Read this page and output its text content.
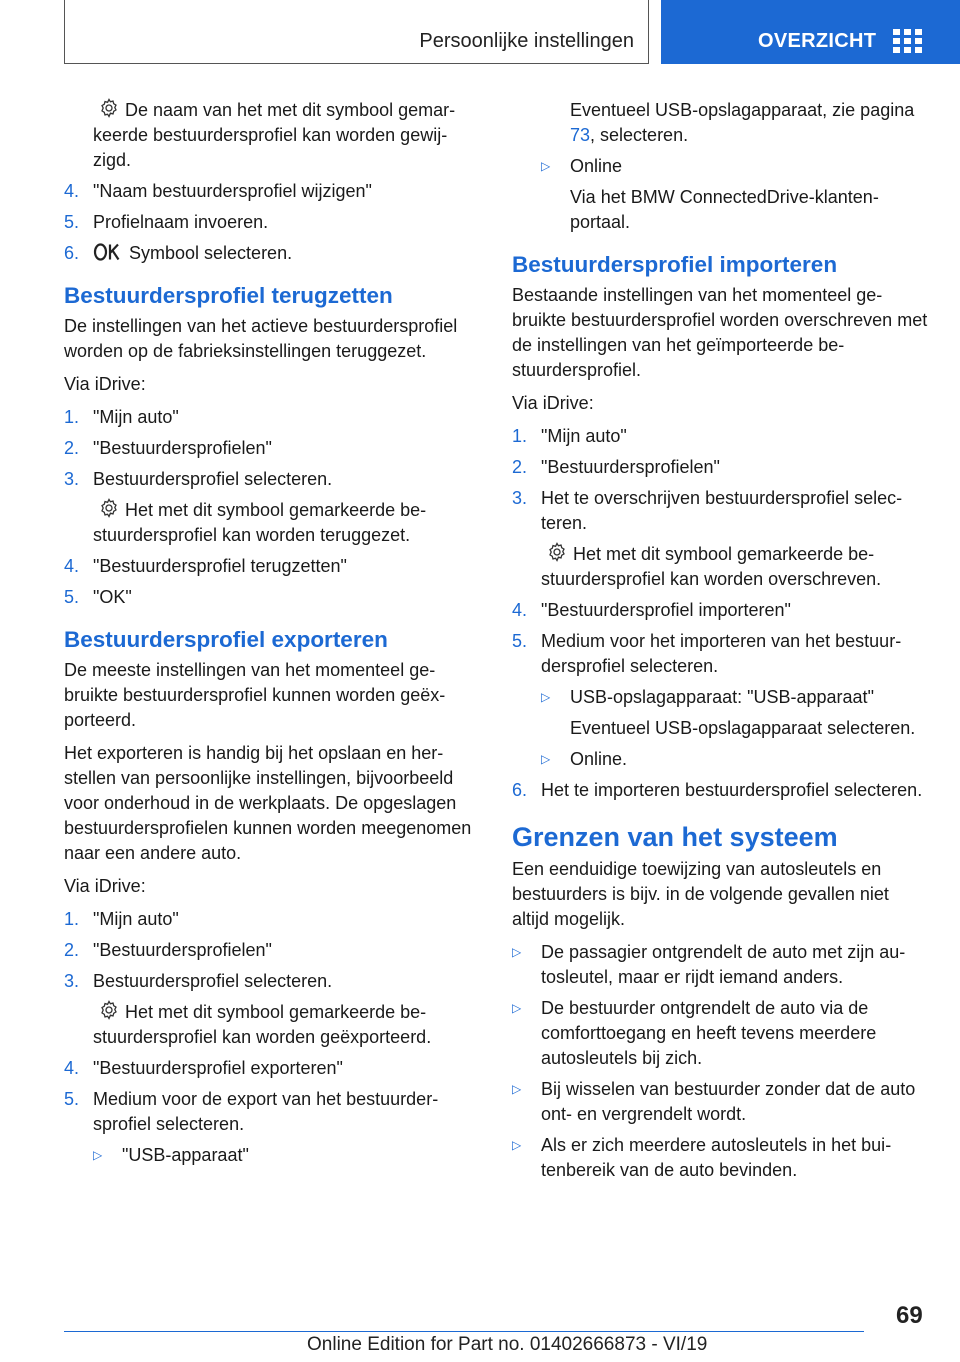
Persoonlijke instellingen	OVERZICHT
De naam van het met dit symbool gemarkeerde bestuurdersprofiel kan worden gewijzigd.
4. "Naam bestuurdersprofiel wijzigen"
5. Profielnaam invoeren.
6.	Symbool selecteren.
Bestuurdersprofiel terugzetten
De instellingen van het actieve bestuurdersprofiel worden op de fabrieksinstellingen teruggezet.
Via iDrive:
1. "Mijn auto"
2. "Bestuurdersprofielen"
3. Bestuurdersprofiel selecteren.
Het met dit symbool gemarkeerde bestuurdersprofiel kan worden teruggezet.
4. "Bestuurdersprofiel terugzetten"
5. "OK"
Bestuurdersprofiel exporteren
De meeste instellingen van het momenteel gebruikte bestuurdersprofiel kunnen worden geëxporteerd.
Het exporteren is handig bij het opslaan en herstellen van persoonlijke instellingen, bijvoorbeeld voor onderhoud in de werkplaats. De opgeslagen bestuurdersprofielen kunnen worden meegenomen naar een andere auto.
Via iDrive:
1. "Mijn auto"
2. "Bestuurdersprofielen"
3. Bestuurdersprofiel selecteren.
Het met dit symbool gemarkeerde bestuurdersprofiel kan worden geëxporteerd.
4. "Bestuurdersprofiel exporteren"
5. Medium voor de export van het bestuurdersprofiel selecteren.
▷	"USB-apparaat"
Eventueel USB-opslagapparaat, zie pagina 73, selecteren.
▷	Online
Via het BMW ConnectedDrive-klantenportaal.
Bestuurdersprofiel importeren
Bestaande instellingen van het momenteel gebruikte bestuurdersprofiel worden overschreven met de instellingen van het geïmporteerde bestuurdersprofiel.
Via iDrive:
1. "Mijn auto"
2. "Bestuurdersprofielen"
3. Het te overschrijven bestuurdersprofiel selecteren.
Het met dit symbool gemarkeerde bestuurdersprofiel kan worden overschreven.
4. "Bestuurdersprofiel importeren"
5. Medium voor het importeren van het bestuurdersprofiel selecteren.
▷	USB-opslagapparaat: "USB-apparaat"
Eventueel USB-opslagapparaat selecteren.
▷	Online.
6. Het te importeren bestuurdersprofiel selecteren.
Grenzen van het systeem
Een eenduidige toewijzing van autosleutels en bestuurders is bijv. in de volgende gevallen niet altijd mogelijk.
▷	De passagier ontgrendelt de auto met zijn autosleutel, maar er rijdt iemand anders.
▷	De bestuurder ontgrendelt de auto via de comforttoegang en heeft tevens meerdere autosleutels bij zich.
▷	Bij wisselen van bestuurder zonder dat de auto ont- en vergrendelt wordt.
▷	Als er zich meerdere autosleutels in het buitenbereik van de auto bevinden.
69
Online Edition for Part no. 01402666873 - VI/19
